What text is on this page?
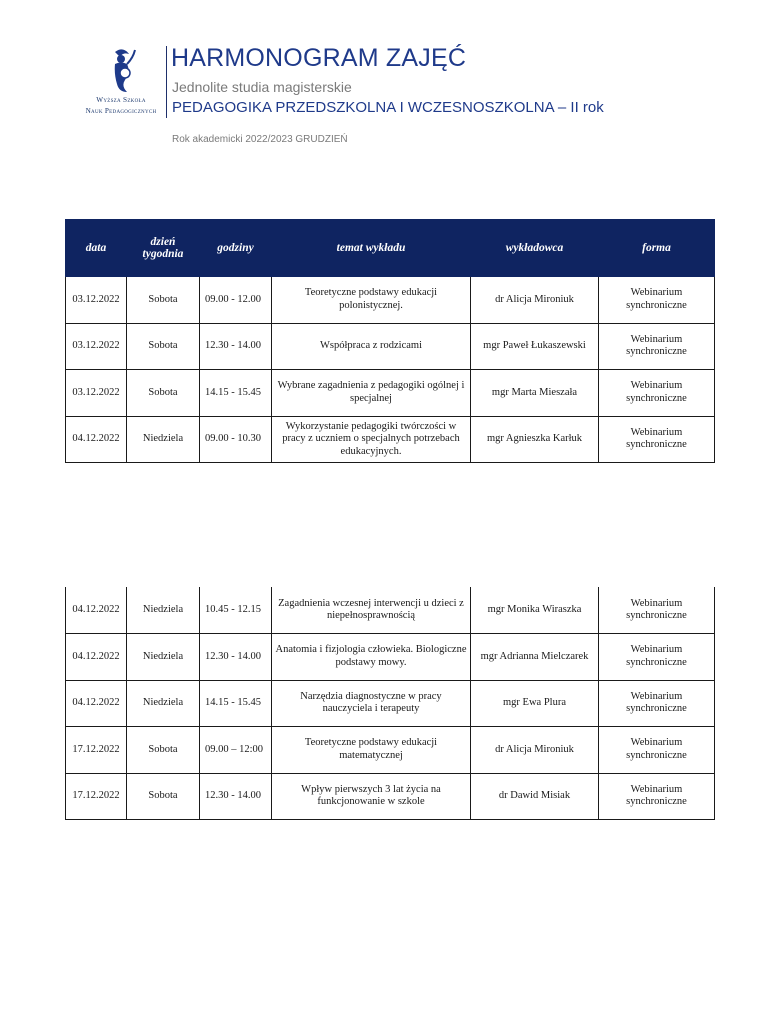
Wyższa Szkoła
Nauk Pedagogicznych
HARMONOGRAM ZAJĘĆ
Jednolite studia magisterskie
PEDAGOGIKA PRZEDSZKOLNA I WCZESNOSZKOLNA – II rok
Rok akademicki 2022/2023 GRUDZIEŃ
data	dzień tygodnia	godziny	temat wykładu	wykładowca	forma
03.12.2022	Sobota	09.00 - 12.00	Teoretyczne podstawy edukacji polonistycznej.	dr Alicja Mironiuk	Webinarium synchroniczne
03.12.2022	Sobota	12.30 - 14.00	Współpraca z rodzicami	mgr Paweł Łukaszewski	Webinarium synchroniczne
03.12.2022	Sobota	14.15 - 15.45	Wybrane zagadnienia z pedagogiki ogólnej i specjalnej	mgr Marta Mieszała	Webinarium synchroniczne
04.12.2022	Niedziela	09.00 - 10.30	Wykorzystanie pedagogiki twórczości w pracy z uczniem o specjalnych potrzebach edukacyjnych.	mgr Agnieszka Karłuk	Webinarium synchroniczne
04.12.2022	Niedziela	10.45 - 12.15	Zagadnienia wczesnej interwencji u dzieci z niepełnosprawnością	mgr Monika Wiraszka	Webinarium synchroniczne
04.12.2022	Niedziela	12.30 - 14.00	Anatomia i fizjologia człowieka. Biologiczne podstawy mowy.	mgr Adrianna Mielczarek	Webinarium synchroniczne
04.12.2022	Niedziela	14.15 - 15.45	Narzędzia diagnostyczne w pracy nauczyciela i terapeuty	mgr Ewa Plura	Webinarium synchroniczne
17.12.2022	Sobota	09.00 – 12:00	Teoretyczne podstawy edukacji matematycznej	dr Alicja Mironiuk	Webinarium synchroniczne
17.12.2022	Sobota	12.30 - 14.00	Wpływ pierwszych 3 lat życia na funkcjonowanie w szkole	dr Dawid Misiak	Webinarium synchroniczne
